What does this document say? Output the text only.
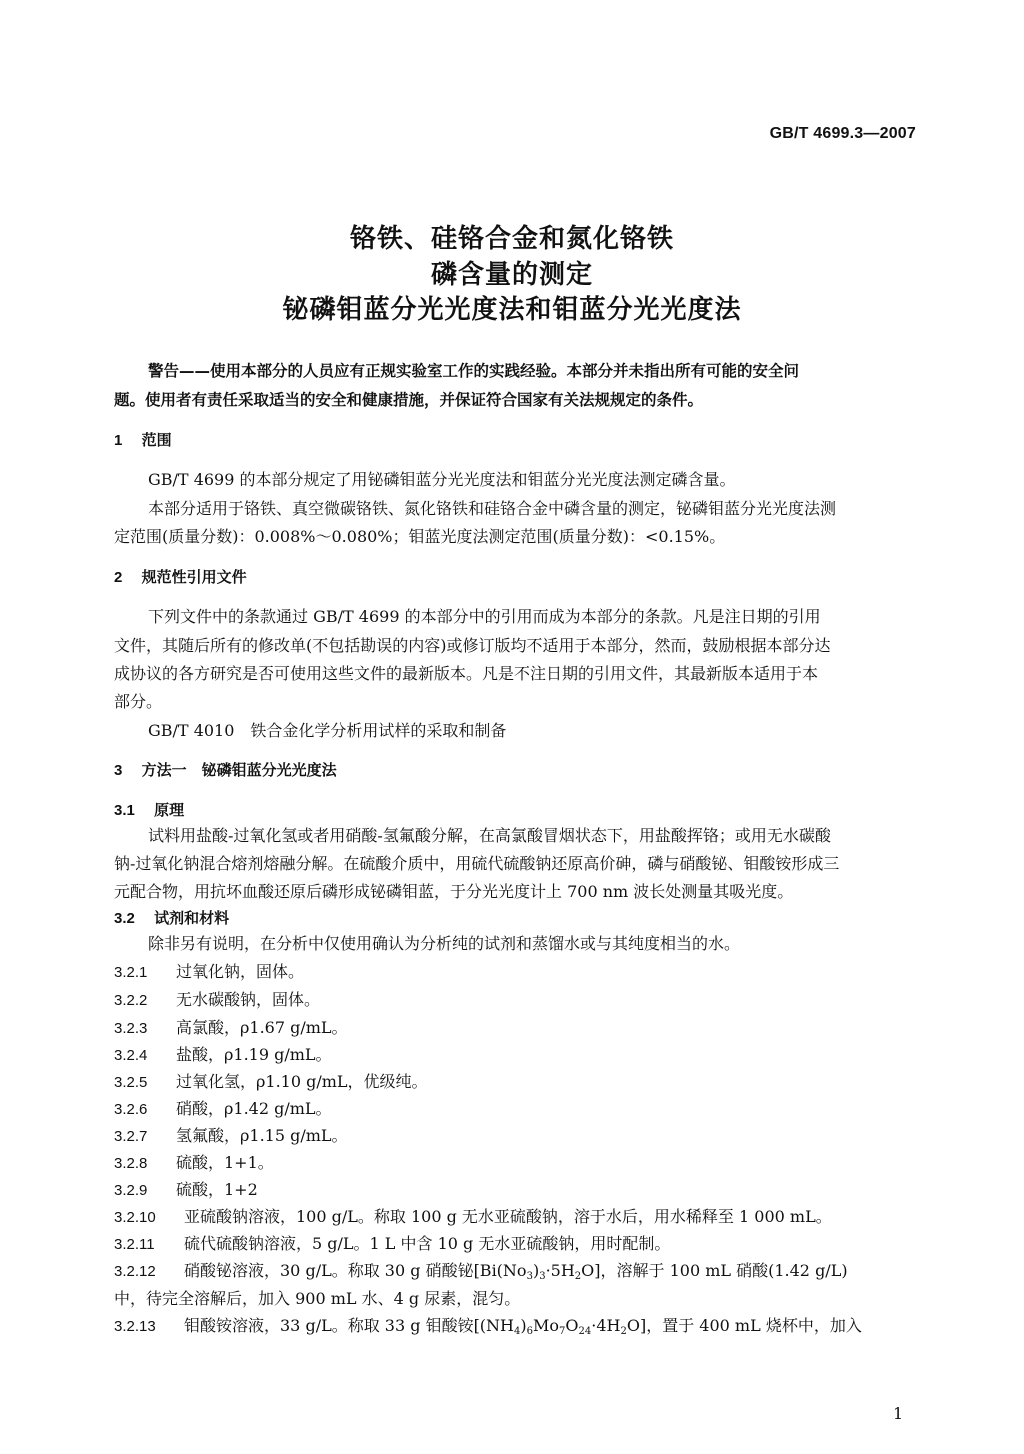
GB/T 4699.3—2007
铬铁、硅铬合金和氮化铬铁
磷含量的测定
铋磷钼蓝分光光度法和钼蓝分光光度法
警告——使用本部分的人员应有正规实验室工作的实践经验。本部分并未指出所有可能的安全问
题。使用者有责任采取适当的安全和健康措施，并保证符合国家有关法规规定的条件。
1 范围
GB/T 4699 的本部分规定了用铋磷钼蓝分光光度法和钼蓝分光光度法测定磷含量。
本部分适用于铬铁、真空微碳铬铁、氮化铬铁和硅铬合金中磷含量的测定，铋磷钼蓝分光光度法测
定范围(质量分数)：0.008%～0.080%；钼蓝光度法测定范围(质量分数)：<0.15%。
2 规范性引用文件
下列文件中的条款通过 GB/T 4699 的本部分中的引用而成为本部分的条款。凡是注日期的引用
文件，其随后所有的修改单(不包括勘误的内容)或修订版均不适用于本部分，然而，鼓励根据本部分达
成协议的各方研究是否可使用这些文件的最新版本。凡是不注日期的引用文件，其最新版本适用于本
部分。
GB/T 4010　铁合金化学分析用试样的采取和制备
3 方法一　铋磷钼蓝分光光度法
3.1 原理
试料用盐酸-过氧化氢或者用硝酸-氢氟酸分解，在高氯酸冒烟状态下，用盐酸挥铬；或用无水碳酸
钠-过氧化钠混合熔剂熔融分解。在硫酸介质中，用硫代硫酸钠还原高价砷，磷与硝酸铋、钼酸铵形成三
元配合物，用抗坏血酸还原后磷形成铋磷钼蓝，于分光光度计上 700 nm 波长处测量其吸光度。
3.2 试剂和材料
除非另有说明，在分析中仅使用确认为分析纯的试剂和蒸馏水或与其纯度相当的水。
3.2.1 过氧化钠，固体。
3.2.2 无水碳酸钠，固体。
3.2.3 高氯酸，ρ1.67 g/mL。
3.2.4 盐酸，ρ1.19 g/mL。
3.2.5 过氧化氢，ρ1.10 g/mL，优级纯。
3.2.6 硝酸，ρ1.42 g/mL。
3.2.7 氢氟酸，ρ1.15 g/mL。
3.2.8 硫酸，1+1。
3.2.9 硫酸，1+2
3.2.10 亚硫酸钠溶液，100 g/L。称取 100 g 无水亚硫酸钠，溶于水后，用水稀释至 1 000 mL。
3.2.11 硫代硫酸钠溶液，5 g/L。1 L 中含 10 g 无水亚硫酸钠，用时配制。
3.2.12 硝酸铋溶液，30 g/L。称取 30 g 硝酸铋$[Bi(No_3)_3\cdot 5H_2O]$，溶解于 100 mL 硝酸(1.42 g/L)
中，待完全溶解后，加入 900 mL 水、4 g 尿素，混匀。
3.2.13 钼酸铵溶液，33 g/L。称取 33 g 钼酸铵$[(NH_4)_6Mo_7O_{24}\cdot 4H_2O]$，置于 400 mL 烧杯中，加入
1
